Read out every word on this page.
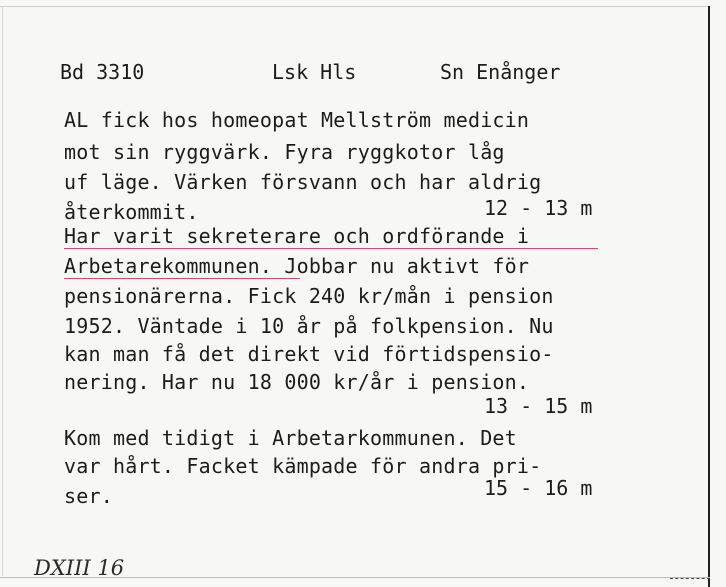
Bd 3310	Lsk Hls	Sn Enånger
AL fick hos homeopat Mellström medicin
mot sin ryggvärk. Fyra ryggkotor låg
uf läge. Värken försvann och har aldrig
återkommit.	12 - 13 m
Har varit sekreterare och ordförande i
Arbetarekommunen. Jobbar nu aktivt för
pensionärerna. Fick 240 kr/mån i pension
1952. Väntade i 10 år på folkpension. Nu
kan man få det direkt vid förtidspensio-
nering. Har nu 18 000 kr/år i pension.
13 - 15 m
Kom med tidigt i Arbetarkommunen. Det
var hårt. Facket kämpade för andra pri-
ser.	15 - 16 m
DXIII 16
